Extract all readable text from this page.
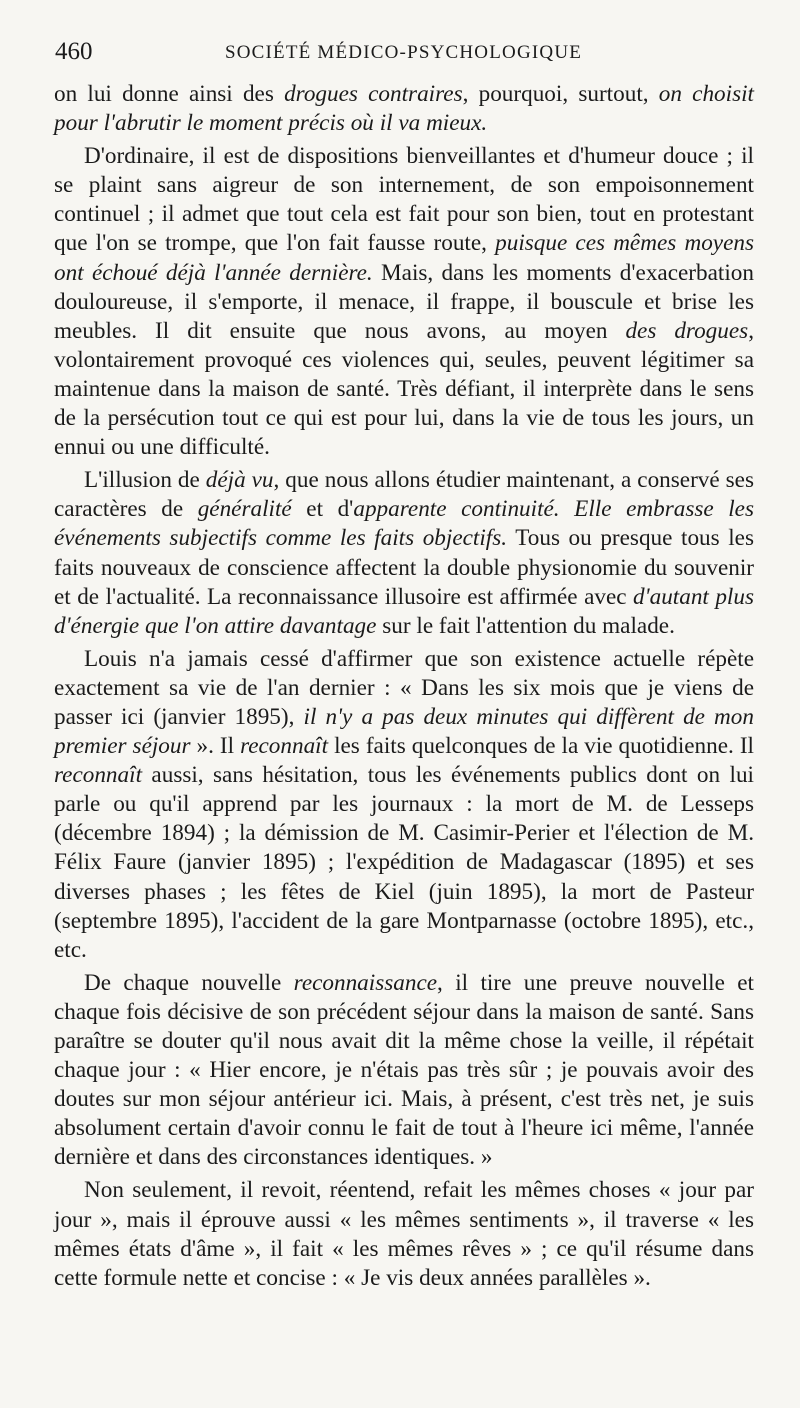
460	SOCIÉTÉ MÉDICO-PSYCHOLOGIQUE

on lui donne ainsi des drogues contraires, pourquoi, surtout, on choisit pour l'abrutir le moment précis où il va mieux.

D'ordinaire, il est de dispositions bienveillantes et d'humeur douce ; il se plaint sans aigreur de son internement, de son empoisonnement continuel ; il admet que tout cela est fait pour son bien, tout en protestant que l'on se trompe, que l'on fait fausse route, puisque ces mêmes moyens ont échoué déjà l'année dernière. Mais, dans les moments d'exacerbation douloureuse, il s'emporte, il menace, il frappe, il bouscule et brise les meubles. Il dit ensuite que nous avons, au moyen des drogues, volontairement provoqué ces violences qui, seules, peuvent légitimer sa maintenue dans la maison de santé. Très défiant, il interprète dans le sens de la persécution tout ce qui est pour lui, dans la vie de tous les jours, un ennui ou une difficulté.

L'illusion de déjà vu, que nous allons étudier maintenant, a conservé ses caractères de généralité et d'apparente continuité. Elle embrasse les événements subjectifs comme les faits objectifs. Tous ou presque tous les faits nouveaux de conscience affectent la double physionomie du souvenir et de l'actualité. La reconnaissance illusoire est affirmée avec d'autant plus d'énergie que l'on attire davantage sur le fait l'attention du malade.

Louis n'a jamais cessé d'affirmer que son existence actuelle répète exactement sa vie de l'an dernier : « Dans les six mois que je viens de passer ici (janvier 1895), il n'y a pas deux minutes qui diffèrent de mon premier séjour ». Il reconnaît les faits quelconques de la vie quotidienne. Il reconnaît aussi, sans hésitation, tous les événements publics dont on lui parle ou qu'il apprend par les journaux : la mort de M. de Lesseps (décembre 1894) ; la démission de M. Casimir-Perier et l'élection de M. Félix Faure (janvier 1895) ; l'expédition de Madagascar (1895) et ses diverses phases ; les fêtes de Kiel (juin 1895), la mort de Pasteur (septembre 1895), l'accident de la gare Montparnasse (octobre 1895), etc., etc.

De chaque nouvelle reconnaissance, il tire une preuve nouvelle et chaque fois décisive de son précédent séjour dans la maison de santé. Sans paraître se douter qu'il nous avait dit la même chose la veille, il répétait chaque jour : « Hier encore, je n'étais pas très sûr ; je pouvais avoir des doutes sur mon séjour antérieur ici. Mais, à présent, c'est très net, je suis absolument certain d'avoir connu le fait de tout à l'heure ici même, l'année dernière et dans des circonstances identiques. »

Non seulement, il revoit, réentend, refait les mêmes choses « jour par jour », mais il éprouve aussi « les mêmes sentiments », il traverse « les mêmes états d'âme », il fait « les mêmes rêves » ; ce qu'il résume dans cette formule nette et concise : « Je vis deux années parallèles ».
